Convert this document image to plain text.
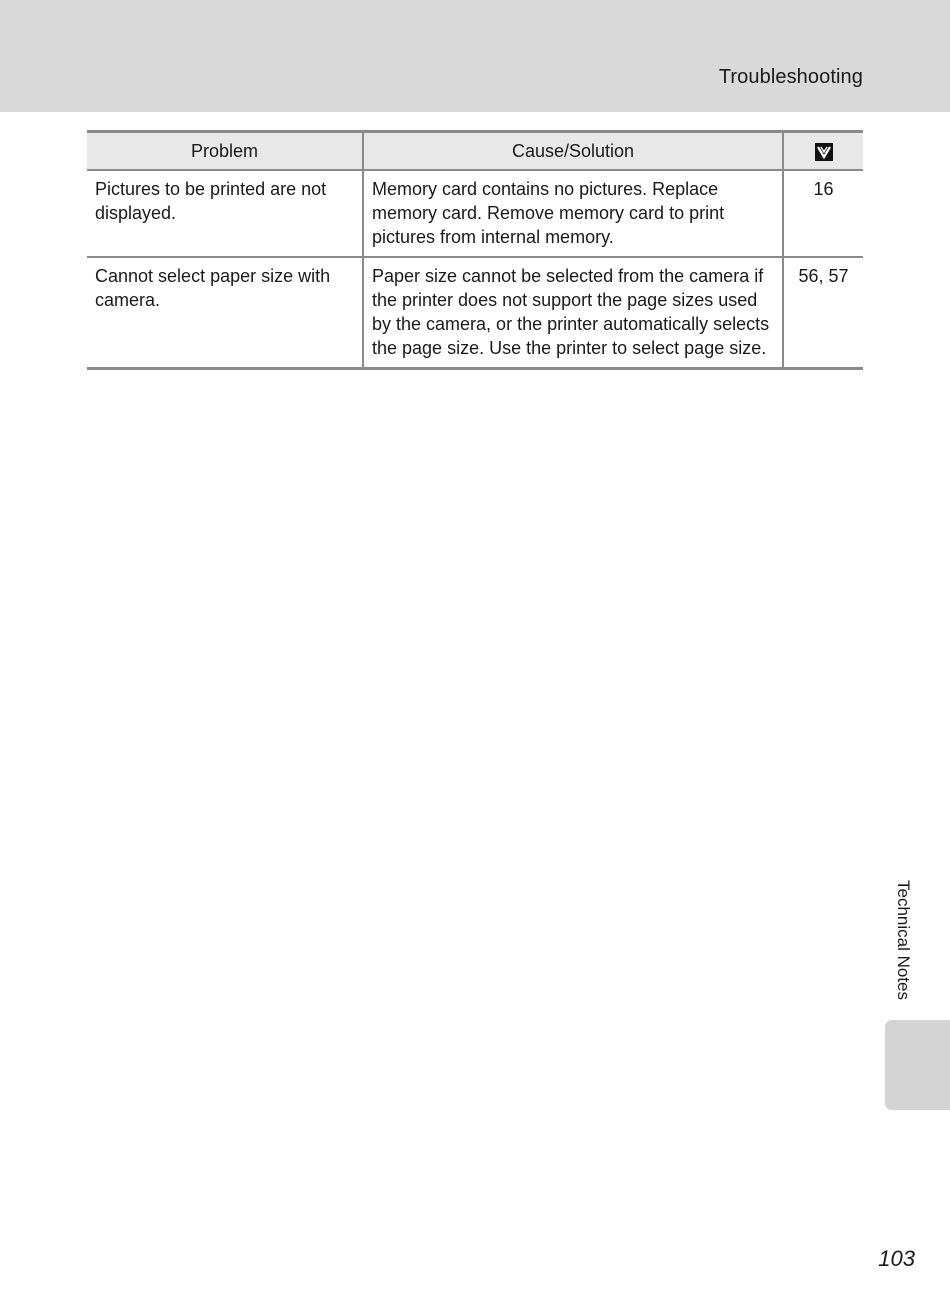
Troubleshooting
Problem	Cause/Solution	
Pictures to be printed are not displayed.	Memory card contains no pictures. Replace memory card. Remove memory card to print pictures from internal memory.	16
Cannot select paper size with camera.	Paper size cannot be selected from the camera if the printer does not support the page sizes used by the camera, or the printer automatically selects the page size. Use the printer to select page size.	56, 57
Technical Notes
103
